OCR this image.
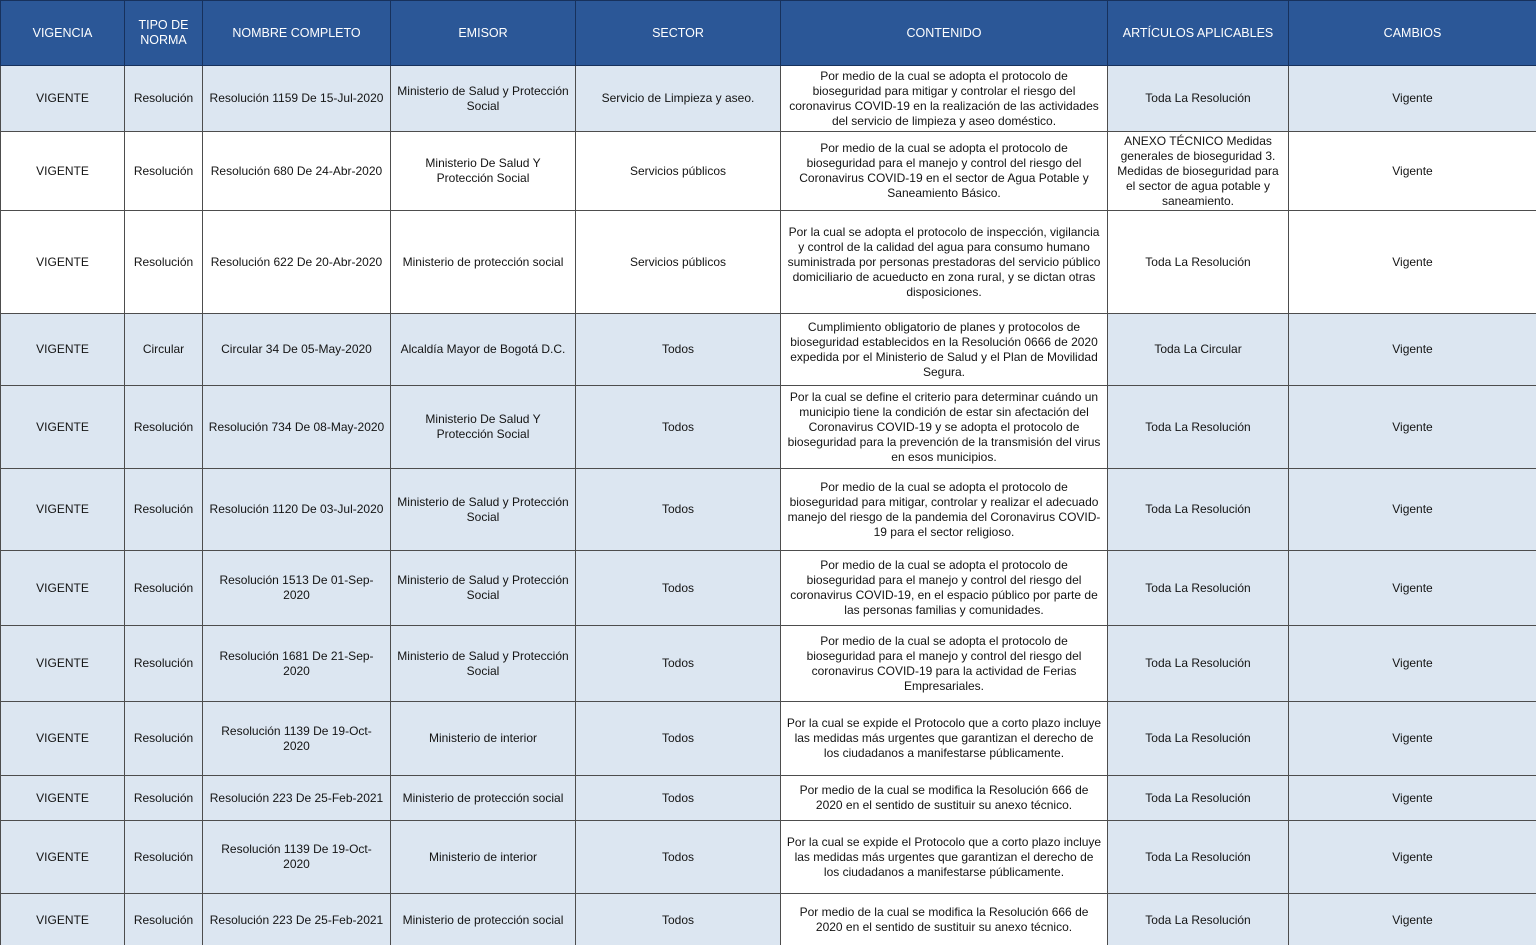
VIGENCIA	TIPO DE NORMA	NOMBRE COMPLETO	EMISOR	SECTOR	CONTENIDO	ARTÍCULOS APLICABLES	CAMBIOS
VIGENTE	Resolución	Resolución 1159 De 15-Jul-2020	Ministerio de Salud y Protección Social	Servicio de Limpieza y aseo.	Por medio de la cual se adopta el protocolo de bioseguridad para mitigar y controlar el riesgo del coronavirus COVID-19 en la realización de las actividades del servicio de limpieza y aseo doméstico.	Toda La Resolución	Vigente
VIGENTE	Resolución	Resolución 680 De 24-Abr-2020	Ministerio De Salud Y Protección Social	Servicios públicos	Por medio de la cual se adopta el protocolo de bioseguridad para el manejo y control del riesgo del Coronavirus COVID-19 en el sector de Agua Potable y Saneamiento Básico.	ANEXO TÉCNICO Medidas generales de bioseguridad 3. Medidas de bioseguridad para el sector de agua potable y saneamiento.	Vigente
VIGENTE	Resolución	Resolución 622 De 20-Abr-2020	Ministerio de protección social	Servicios públicos	Por la cual se adopta el protocolo de inspección, vigilancia y control de la calidad del agua para consumo humano suministrada por personas prestadoras del servicio público domiciliario de acueducto en zona rural, y se dictan otras disposiciones.	Toda La Resolución	Vigente
VIGENTE	Circular	Circular 34 De 05-May-2020	Alcaldía Mayor de Bogotá D.C.	Todos	Cumplimiento obligatorio de planes y protocolos de bioseguridad establecidos en la Resolución 0666 de 2020 expedida por el Ministerio de Salud y el Plan de Movilidad Segura.	Toda La Circular	Vigente
VIGENTE	Resolución	Resolución 734 De 08-May-2020	Ministerio De Salud Y Protección Social	Todos	Por la cual se define el criterio para determinar cuándo un municipio tiene la condición de estar sin afectación del Coronavirus COVID-19 y se adopta el protocolo de bioseguridad para la prevención de la transmisión del virus en esos municipios.	Toda La Resolución	Vigente
VIGENTE	Resolución	Resolución 1120 De 03-Jul-2020	Ministerio de Salud y Protección Social	Todos	Por medio de la cual se adopta el protocolo de bioseguridad para mitigar, controlar y realizar el adecuado manejo del riesgo de la pandemia del Coronavirus COVID-19 para el sector religioso.	Toda La Resolución	Vigente
VIGENTE	Resolución	Resolución 1513 De 01-Sep-2020	Ministerio de Salud y Protección Social	Todos	Por medio de la cual se adopta el protocolo de bioseguridad para el manejo y control del riesgo del coronavirus COVID-19, en el espacio público por parte de las personas familias y comunidades.	Toda La Resolución	Vigente
VIGENTE	Resolución	Resolución 1681 De 21-Sep-2020	Ministerio de Salud y Protección Social	Todos	Por medio de la cual se adopta el protocolo de bioseguridad para el manejo y control del riesgo del coronavirus COVID-19 para la actividad de Ferias Empresariales.	Toda La Resolución	Vigente
VIGENTE	Resolución	Resolución 1139 De 19-Oct-2020	Ministerio de interior	Todos	Por la cual se expide el Protocolo que a corto plazo incluye las medidas más urgentes que garantizan el derecho de los ciudadanos a manifestarse públicamente.	Toda La Resolución	Vigente
VIGENTE	Resolución	Resolución 223 De 25-Feb-2021	Ministerio de protección social	Todos	Por medio de la cual se modifica la Resolución 666 de 2020 en el sentido de sustituir su anexo técnico.	Toda La Resolución	Vigente
VIGENTE	Resolución	Resolución 1139 De 19-Oct-2020	Ministerio de interior	Todos	Por la cual se expide el Protocolo que a corto plazo incluye las medidas más urgentes que garantizan el derecho de los ciudadanos a manifestarse públicamente.	Toda La Resolución	Vigente
VIGENTE	Resolución	Resolución 223 De 25-Feb-2021	Ministerio de protección social	Todos	Por medio de la cual se modifica la Resolución 666 de 2020 en el sentido de sustituir su anexo técnico.	Toda La Resolución	Vigente
